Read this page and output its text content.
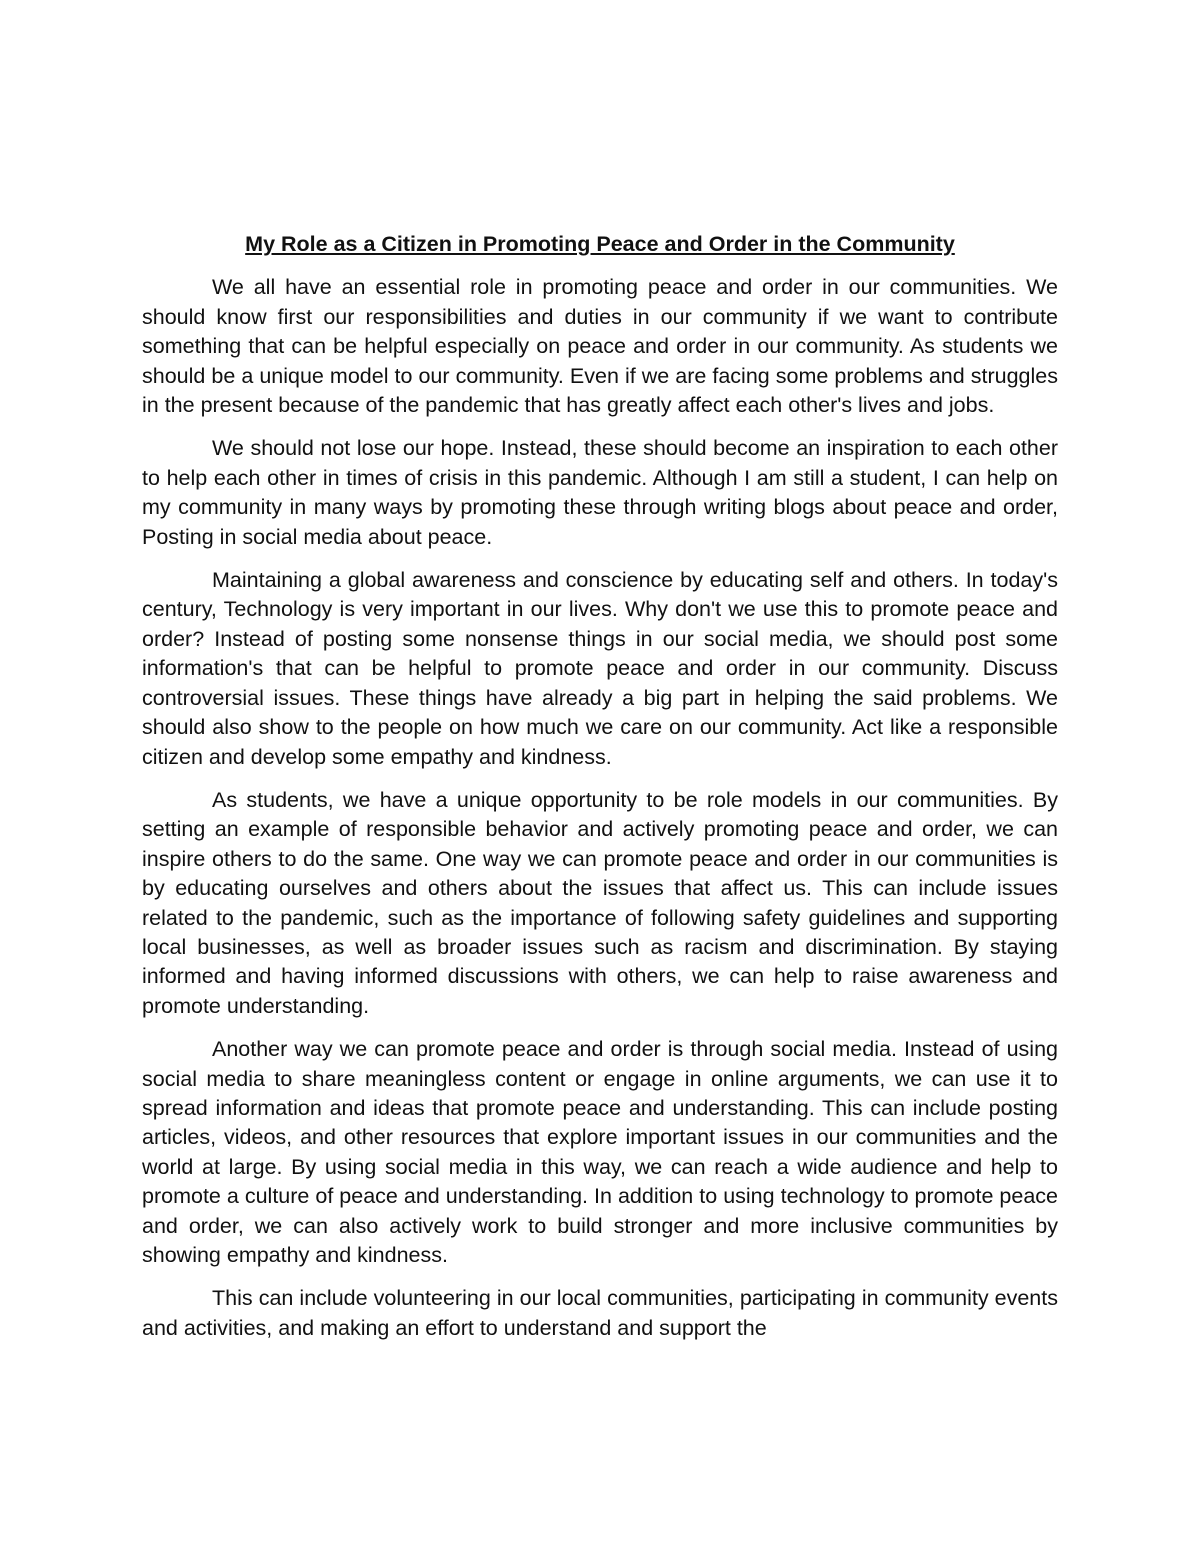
My Role as a Citizen in Promoting Peace and Order in the Community

We all have an essential role in promoting peace and order in our communities. We should know first our responsibilities and duties in our community if we want to contribute something that can be helpful especially on peace and order in our community. As students we should be a unique model to our community. Even if we are facing some problems and struggles in the present because of the pandemic that has greatly affect each other's lives and jobs.

We should not lose our hope. Instead, these should become an inspiration to each other to help each other in times of crisis in this pandemic. Although I am still a student, I can help on my community in many ways by promoting these through writing blogs about peace and order, Posting in social media about peace.

Maintaining a global awareness and conscience by educating self and others. In today's century, Technology is very important in our lives. Why don't we use this to promote peace and order? Instead of posting some nonsense things in our social media, we should post some information's that can be helpful to promote peace and order in our community. Discuss controversial issues. These things have already a big part in helping the said problems. We should also show to the people on how much we care on our community. Act like a responsible citizen and develop some empathy and kindness.

As students, we have a unique opportunity to be role models in our communities. By setting an example of responsible behavior and actively promoting peace and order, we can inspire others to do the same. One way we can promote peace and order in our communities is by educating ourselves and others about the issues that affect us. This can include issues related to the pandemic, such as the importance of following safety guidelines and supporting local businesses, as well as broader issues such as racism and discrimination. By staying informed and having informed discussions with others, we can help to raise awareness and promote understanding.

Another way we can promote peace and order is through social media. Instead of using social media to share meaningless content or engage in online arguments, we can use it to spread information and ideas that promote peace and understanding. This can include posting articles, videos, and other resources that explore important issues in our communities and the world at large. By using social media in this way, we can reach a wide audience and help to promote a culture of peace and understanding. In addition to using technology to promote peace and order, we can also actively work to build stronger and more inclusive communities by showing empathy and kindness.

This can include volunteering in our local communities, participating in community events and activities, and making an effort to understand and support the
